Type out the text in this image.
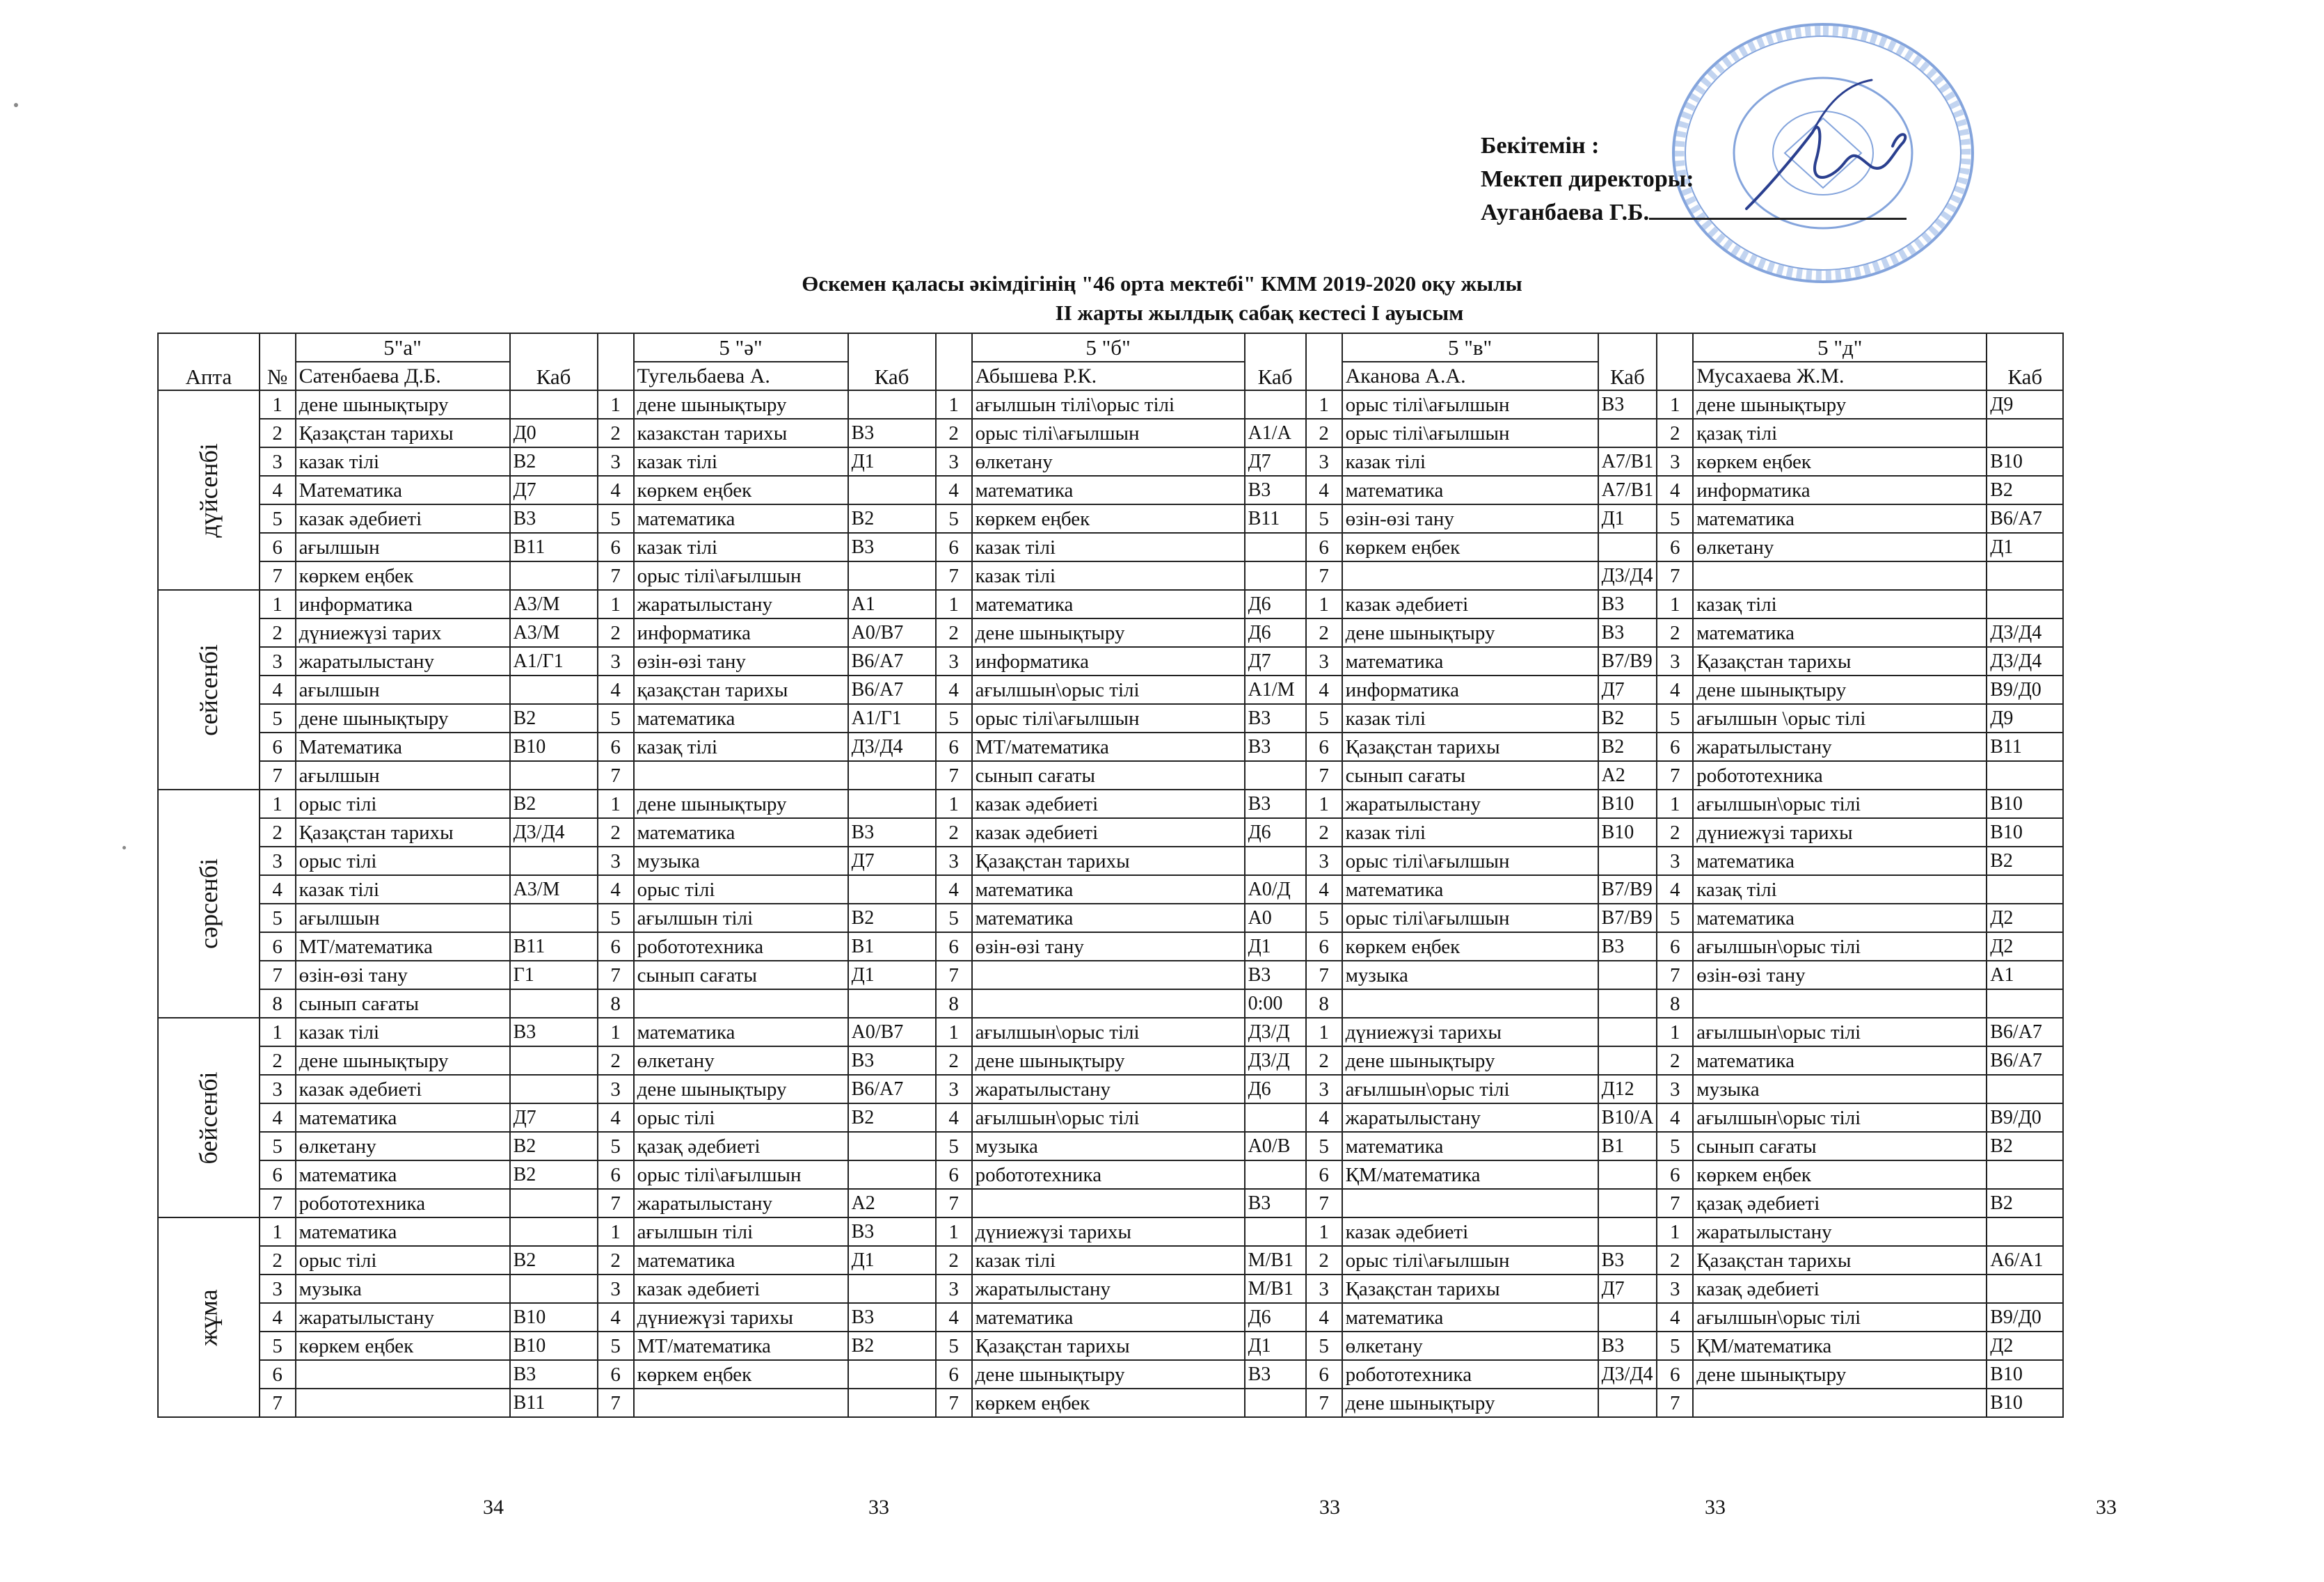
Бекітемін :
Мектеп директоры:
Ауганбаева Г.Б.
Өскемен қаласы әкімдігінің "46 орта мектебі" КММ 2019-2020 оқу жылы
II жарты жылдық сабақ кестесі I ауысым
Апта	№	5"а"	Каб		5 "ә"	Каб		5 "б"	Каб		5 "в"	Каб		5 "д"	Каб
		Сатенбаева Д.Б.			Тугельбаева А.			Абышева Р.К.			Аканова А.А.			Мусахаева Ж.М.	
дүйсенбі	1	дене шынықтыру		1	дене шынықтыру		1	ағылшын тілі\орыс тілі		1	орыс тілі\ағылшын	В3	1	дене шынықтыру	Д9
	2	Қазақстан тарихы	Д0	2	казакстан тарихы	В3	2	орыс тілі\ағылшын	А1/А	2	орыс тілі\ағылшын		2	қазақ тілі	
	3	казак тілі	В2	3	казак тілі	Д1	3	өлкетану	Д7	3	казак тілі	А7/В1	3	көркем еңбек	В10
	4	Математика	Д7	4	көркем еңбек		4	математика	В3	4	математика	А7/В1	4	информатика	В2
	5	казак әдебиеті	В3	5	математика	В2	5	көркем еңбек	В11	5	өзін-өзі тану	Д1	5	математика	В6/А7
	6	ағылшын	В11	6	казак тілі	В3	6	казак тілі		6	көркем еңбек		6	өлкетану	Д1
	7	көркем еңбек		7	орыс тілі\ағылшын		7	казак тілі		7		Д3/Д4	7		
сейсенбі	1	информатика	А3/М	1	жаратылыстану	А1	1	математика	Д6	1	казак әдебиеті	В3	1	казақ тілі	
	2	дүниежүзі тарих	А3/М	2	информатика	А0/В7	2	дене шынықтыру	Д6	2	дене шынықтыру	В3	2	математика	Д3/Д4
	3	жаратылыстану	А1/Г1	3	өзін-өзі тану	В6/А7	3	информатика	Д7	3	математика	В7/В9	3	Қазақстан тарихы	Д3/Д4
	4	ағылшын		4	қазақстан тарихы	В6/А7	4	ағылшын\орыс тілі	А1/М	4	информатика	Д7	4	дене шынықтыру	В9/Д0
	5	дене шынықтыру	В2	5	математика	А1/Г1	5	орыс тілі\ағылшын	В3	5	казак тілі	В2	5	ағылшын \орыс тілі	Д9
	6	Математика	В10	6	казақ тілі	Д3/Д4	6	МТ/математика	В3	6	Қазақстан тарихы	В2	6	жаратылыстану	В11
	7	ағылшын		7			7	сынып сағаты		7	сынып сағаты	А2	7	робототехника	
сәрсенбі	1	орыс тілі	В2	1	дене шынықтыру		1	казак әдебиеті	В3	1	жаратылыстану	В10	1	ағылшын\орыс тілі	В10
	2	Қазақстан тарихы	Д3/Д4	2	математика	В3	2	казак әдебиеті	Д6	2	казак тілі	В10	2	дүниежүзі тарихы	В10
	3	орыс тілі		3	музыка	Д7	3	Қазақстан тарихы		3	орыс тілі\ағылшын		3	математика	В2
	4	казак тілі	А3/М	4	орыс тілі		4	математика	А0/Д	4	математика	В7/В9	4	казақ тілі	
	5	ағылшын		5	ағылшын тілі	В2	5	математика	А0	5	орыс тілі\ағылшын	В7/В9	5	математика	Д2
	6	МТ/математика	В11	6	робототехника	В1	6	өзін-өзі тану	Д1	6	көркем еңбек	В3	6	ағылшын\орыс тілі	Д2
	7	өзін-өзі тану	Г1	7	сынып сағаты	Д1	7		В3	7	музыка		7	өзін-өзі тану	А1
	8	сынып сағаты		8			8		0:00	8			8		
бейсенбі	1	казак тілі	В3	1	математика	А0/В7	1	ағылшын\орыс тілі	Д3/Д	1	дүниежүзі тарихы		1	ағылшын\орыс тілі	В6/А7
	2	дене шынықтыру		2	өлкетану	В3	2	дене шынықтыру	Д3/Д	2	дене шынықтыру		2	математика	В6/А7
	3	казак әдебиеті		3	дене шынықтыру	В6/А7	3	жаратылыстану	Д6	3	ағылшын\орыс тілі	Д12	3	музыка	
	4	математика	Д7	4	орыс тілі	В2	4	ағылшын\орыс тілі		4	жаратылыстану	В10/А	4	ағылшын\орыс тілі	В9/Д0
	5	өлкетану	В2	5	қазақ әдебиеті		5	музыка	А0/В	5	математика	В1	5	сынып сағаты	В2
	6	математика	В2	6	орыс тілі\ағылшын		6	робототехника		6	ҚМ/математика		6	көркем еңбек	
	7	робототехника		7	жаратылыстану	А2	7		В3	7			7	қазақ әдебиеті	В2
жұма	1	математика		1	ағылшын тілі	В3	1	дүниежүзі тарихы		1	казак әдебиеті		1	жаратылыстану	
	2	орыс тілі	В2	2	математика	Д1	2	казак тілі	М/В1	2	орыс тілі\ағылшын	В3	2	Қазақстан тарихы	А6/А1
	3	музыка		3	казак әдебиеті		3	жаратылыстану	М/В1	3	Қазақстан тарихы	Д7	3	казақ әдебиеті	
	4	жаратылыстану	В10	4	дүниежүзі тарихы	В3	4	математика	Д6	4	математика		4	ағылшын\орыс тілі	В9/Д0
	5	көркем еңбек	В10	5	МТ/математика	В2	5	Қазақстан тарихы	Д1	5	өлкетану	В3	5	ҚМ/математика	Д2
	6		В3	6	көркем еңбек		6	дене шынықтыру	В3	6	робототехника	Д3/Д4	6	дене шынықтыру	В10
	7		В11	7			7	көркем еңбек		7	дене шынықтыру		7		В10
34	33	33	33	33
